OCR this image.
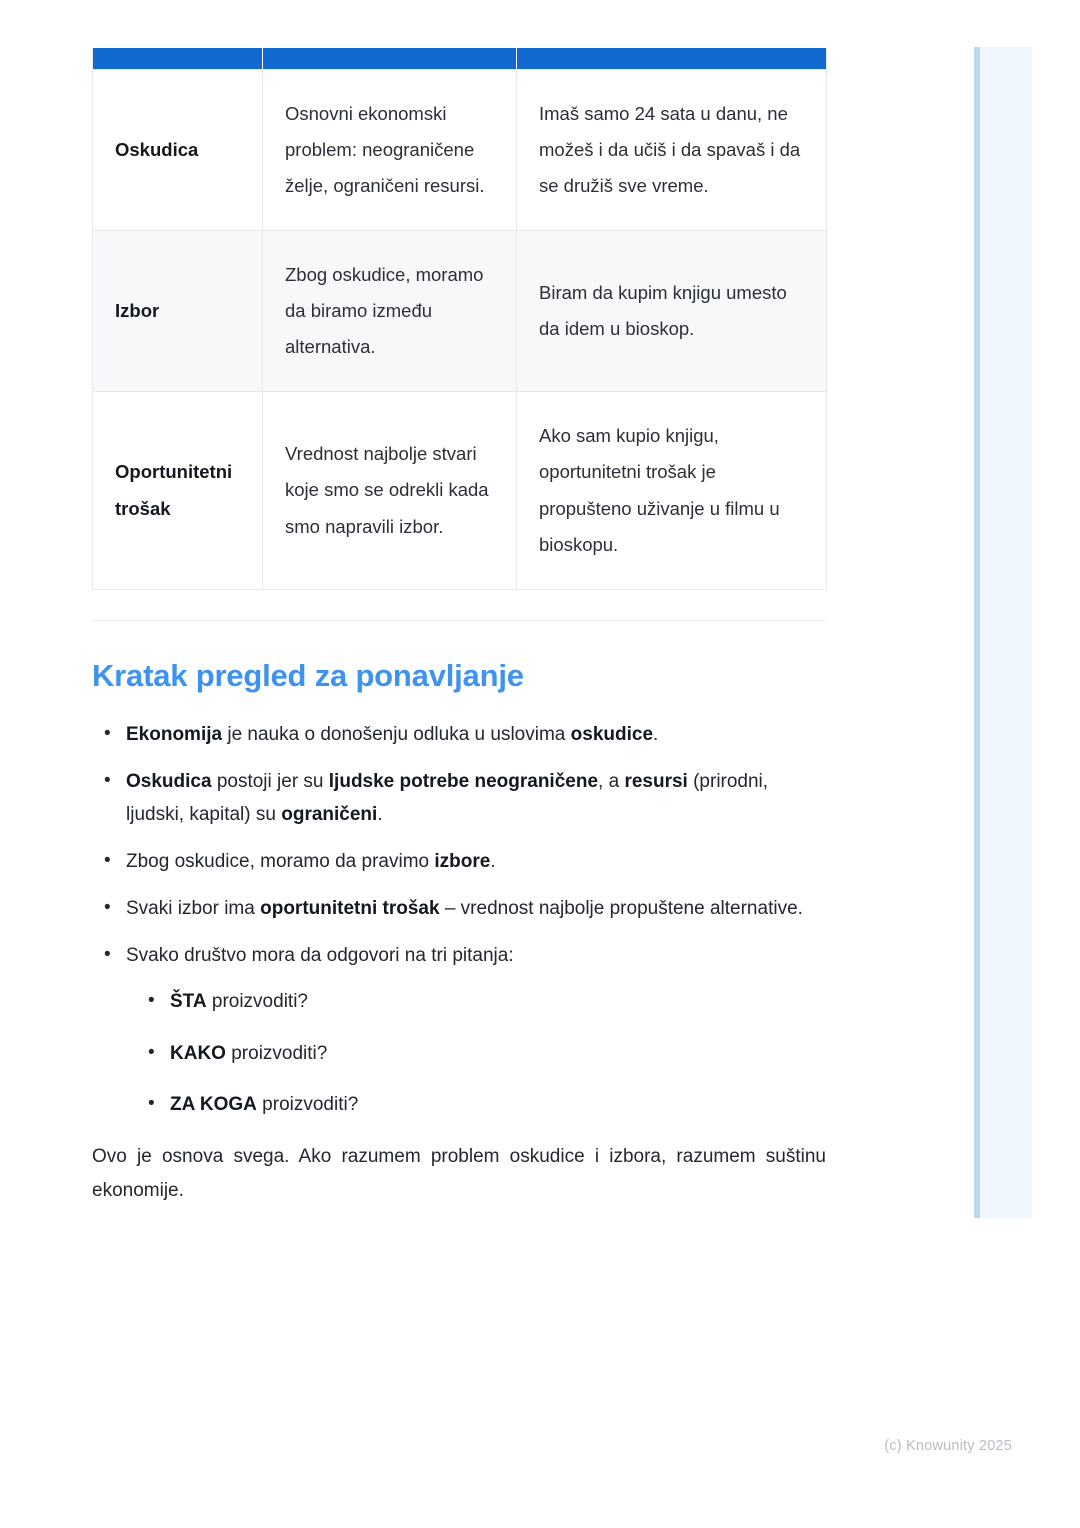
Oskudica	Osnovni ekonomski problem: neograničene želje, ograničeni resursi.	Imaš samo 24 sata u danu, ne možeš i da učiš i da spavaš i da se družiš sve vreme.
Izbor	Zbog oskudice, moramo da biramo između alternativa.	Biram da kupim knjigu umesto da idem u bioskop.
Oportunitetni trošak	Vrednost najbolje stvari koje smo se odrekli kada smo napravili izbor.	Ako sam kupio knjigu, oportunitetni trošak je propušteno uživanje u filmu u bioskopu.
Kratak pregled za ponavljanje
• Ekonomija je nauka o donošenju odluka u uslovima oskudice.
• Oskudica postoji jer su ljudske potrebe neograničene, a resursi (prirodni, ljudski, kapital) su ograničeni.
• Zbog oskudice, moramo da pravimo izbore.
• Svaki izbor ima oportunitetni trošak – vrednost najbolje propuštene alternative.
• Svako društvo mora da odgovori na tri pitanja:
• ŠTA proizvoditi?
• KAKO proizvoditi?
• ZA KOGA proizvoditi?

Ovo je osnova svega. Ako razumem problem oskudice i izbora, razumem suštinu ekonomije.

(c) Knowunity 2025
